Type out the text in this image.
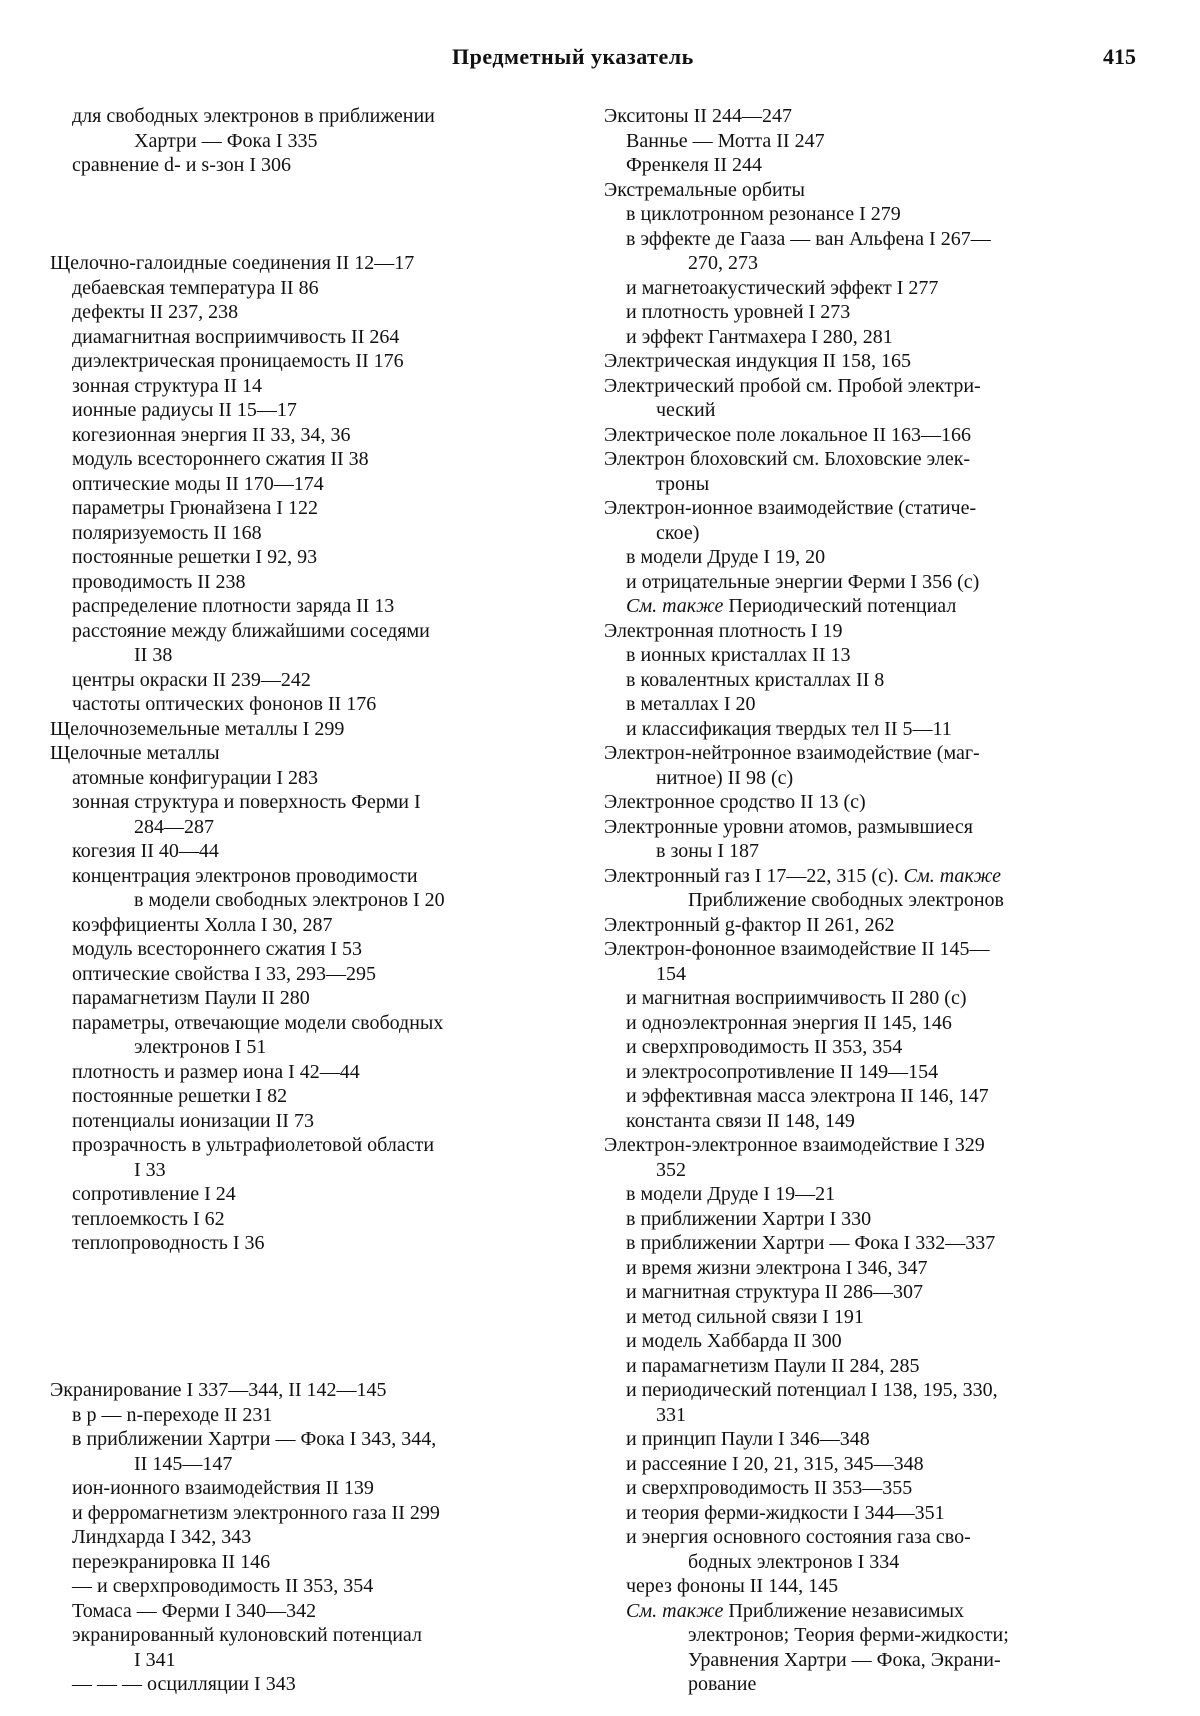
Предметный указатель	415
для свободных электронов в приближении
Хартри — Фока I 335
сравнение d- и s-зон I 306
Щелочно-галоидные соединения II 12—17
дебаевская температура II 86
дефекты II 237, 238
диамагнитная восприимчивость II 264
диэлектрическая проницаемость II 176
зонная структура II 14
ионные радиусы II 15—17
когезионная энергия II 33, 34, 36
модуль всестороннего сжатия II 38
оптические моды II 170—174
параметры Грюнайзена I 122
поляризуемость II 168
постоянные решетки I 92, 93
проводимость II 238
распределение плотности заряда II 13
расстояние между ближайшими соседями
II 38
центры окраски II 239—242
частоты оптических фононов II 176
Щелочноземельные металлы I 299
Щелочные металлы
атомные конфигурации I 283
зонная структура и поверхность Ферми I
284—287
когезия II 40—44
концентрация электронов проводимости
в модели свободных электронов I 20
коэффициенты Холла I 30, 287
модуль всестороннего сжатия I 53
оптические свойства I 33, 293—295
парамагнетизм Паули II 280
параметры, отвечающие модели свободных
электронов I 51
плотность и размер иона I 42—44
постоянные решетки I 82
потенциалы ионизации II 73
прозрачность в ультрафиолетовой области
I 33
сопротивление I 24
теплоемкость I 62
теплопроводность I 36
Экранирование I 337—344, II 142—145
в p — n-переходе II 231
в приближении Хартри — Фока I 343, 344,
II 145—147
ион-ионного взаимодействия II 139
и ферромагнетизм электронного газа II 299
Линдхарда I 342, 343
переэкранировка II 146
— и сверхпроводимость II 353, 354
Томаса — Ферми I 340—342
экранированный кулоновский потенциал
I 341
— — — осцилляции I 343
Экситоны II 244—247
Ваннье — Мотта II 247
Френкеля II 244
Экстремальные орбиты
в циклотронном резонансе I 279
в эффекте де Гааза — ван Альфена I 267—
270, 273
и магнетоакустический эффект I 277
и плотность уровней I 273
и эффект Гантмахера I 280, 281
Электрическая индукция II 158, 165
Электрический пробой см. Пробой электри-
ческий
Электрическое поле локальное II 163—166
Электрон блоховский см. Блоховские элек-
троны
Электрон-ионное взаимодействие (статиче-
ское)
в модели Друде I 19, 20
и отрицательные энергии Ферми I 356 (с)
См. также Периодический потенциал
Электронная плотность I 19
в ионных кристаллах II 13
в ковалентных кристаллах II 8
в металлах I 20
и классификация твердых тел II 5—11
Электрон-нейтронное взаимодействие (маг-
нитное) II 98 (с)
Электронное сродство II 13 (с)
Электронные уровни атомов, размывшиеся
в зоны I 187
Электронный газ I 17—22, 315 (с). См. также
Приближение свободных электронов
Электронный g-фактор II 261, 262
Электрон-фононное взаимодействие II 145—
154
и магнитная восприимчивость II 280 (с)
и одноэлектронная энергия II 145, 146
и сверхпроводимость II 353, 354
и электросопротивление II 149—154
и эффективная масса электрона II 146, 147
константа связи II 148, 149
Электрон-электронное взаимодействие I 329
352
в модели Друде I 19—21
в приближении Хартри I 330
в приближении Хартри — Фока I 332—337
и время жизни электрона I 346, 347
и магнитная структура II 286—307
и метод сильной связи I 191
и модель Хаббарда II 300
и парамагнетизм Паули II 284, 285
и периодический потенциал I 138, 195, 330,
331
и принцип Паули I 346—348
и рассеяние I 20, 21, 315, 345—348
и сверхпроводимость II 353—355
и теория ферми-жидкости I 344—351
и энергия основного состояния газа сво-
бодных электронов I 334
через фононы II 144, 145
См. также Приближение независимых
электронов; Теория ферми-жидкости;
Уравнения Хартри — Фока, Экрани-
рование
